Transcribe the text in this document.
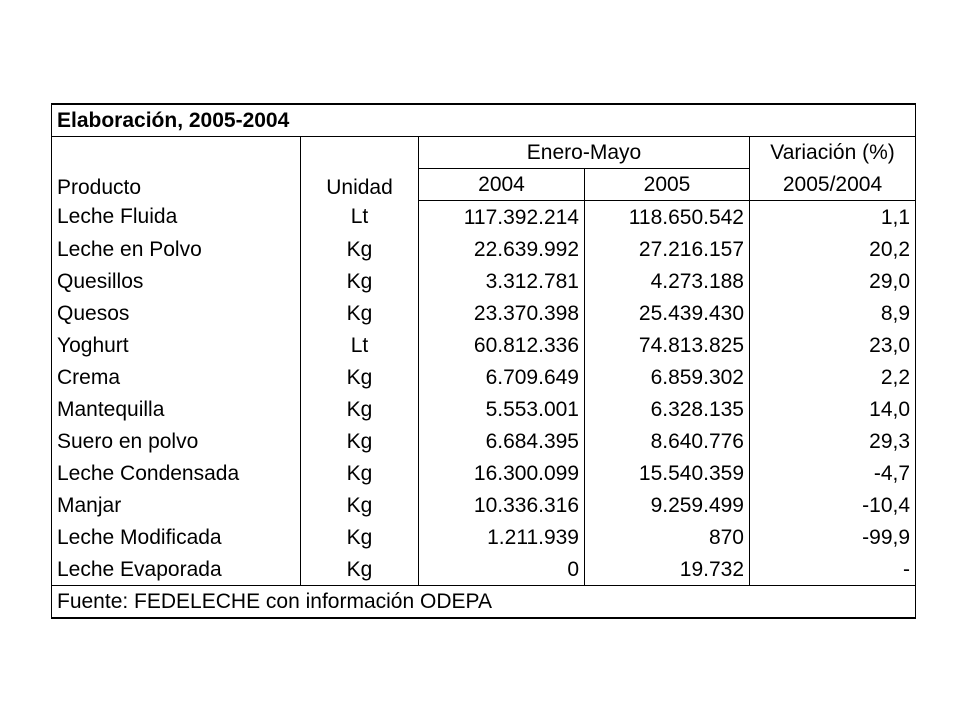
Elaboración, 2005-2004				
Producto	Unidad	Enero-Mayo		Variación (%)
		2004	2005	2005/2004
Leche Fluida	Lt	117.392.214	118.650.542	1,1
Leche en Polvo	Kg	22.639.992	27.216.157	20,2
Quesillos	Kg	3.312.781	4.273.188	29,0
Quesos	Kg	23.370.398	25.439.430	8,9
Yoghurt	Lt	60.812.336	74.813.825	23,0
Crema	Kg	6.709.649	6.859.302	2,2
Mantequilla	Kg	5.553.001	6.328.135	14,0
Suero en polvo	Kg	6.684.395	8.640.776	29,3
Leche Condensada	Kg	16.300.099	15.540.359	-4,7
Manjar	Kg	10.336.316	9.259.499	-10,4
Leche Modificada	Kg	1.211.939	870	-99,9
Leche Evaporada	Kg	0	19.732	-
Fuente: FEDELECHE con información ODEPA				
